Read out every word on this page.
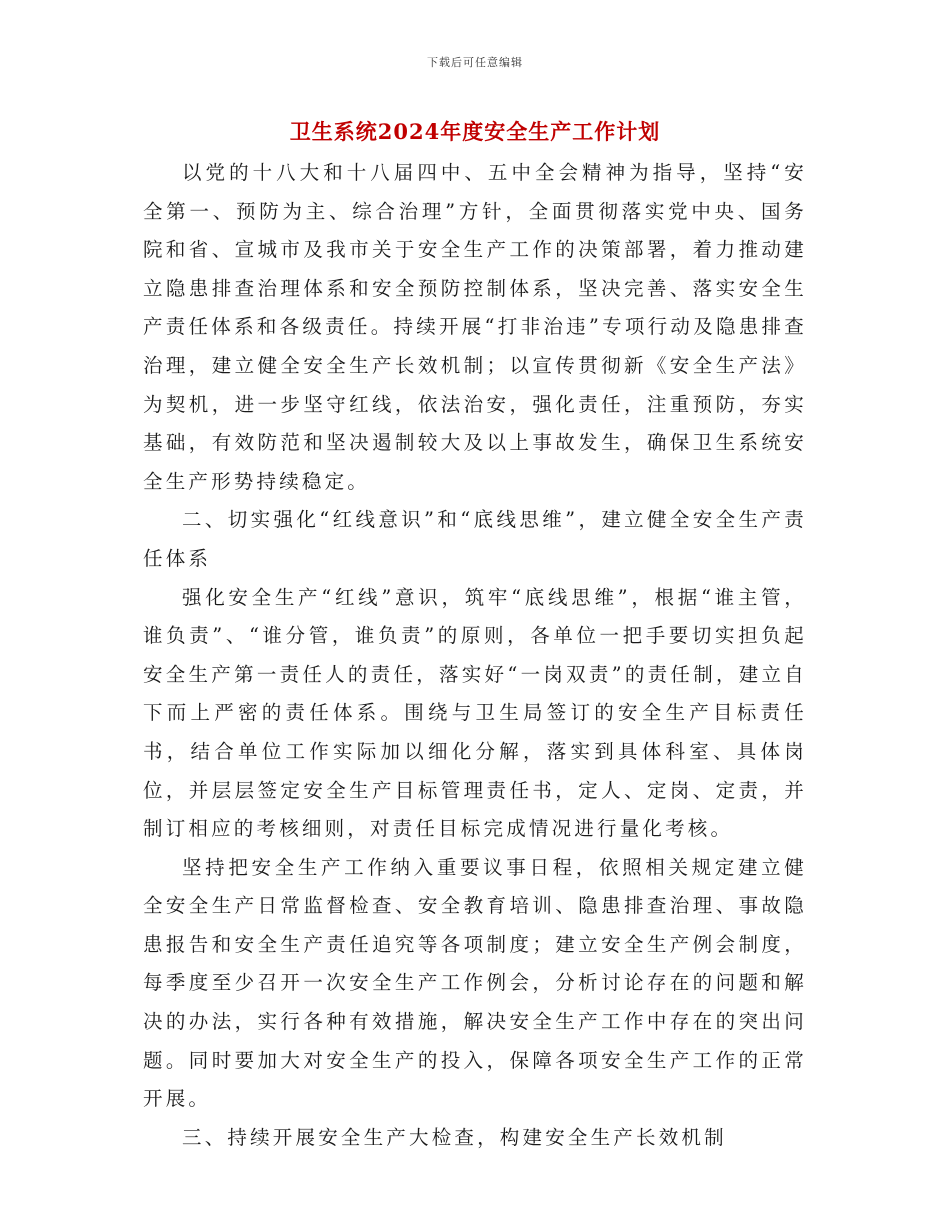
下载后可任意编辑
卫生系统2024年度安全生产工作计划

以党的十八大和十八届四中、五中全会精神为指导，坚持“安全第一、预防为主、综合治理”方针，全面贯彻落实党中央、国务院和省、宣城市及我市关于安全生产工作的决策部署，着力推动建立隐患排查治理体系和安全预防控制体系，坚决完善、落实安全生产责任体系和各级责任。持续开展“打非治违”专项行动及隐患排查治理，建立健全安全生产长效机制；以宣传贯彻新《安全生产法》为契机，进一步坚守红线，依法治安，强化责任，注重预防，夯实基础，有效防范和坚决遏制较大及以上事故发生，确保卫生系统安全生产形势持续稳定。

二、切实强化“红线意识”和“底线思维”，建立健全安全生产责任体系

强化安全生产“红线”意识，筑牢“底线思维”，根据“谁主管，谁负责”、“谁分管，谁负责”的原则，各单位一把手要切实担负起安全生产第一责任人的责任，落实好“一岗双责”的责任制，建立自下而上严密的责任体系。围绕与卫生局签订的安全生产目标责任书，结合单位工作实际加以细化分解，落实到具体科室、具体岗位，并层层签定安全生产目标管理责任书，定人、定岗、定责，并制订相应的考核细则，对责任目标完成情况进行量化考核。

坚持把安全生产工作纳入重要议事日程，依照相关规定建立健全安全生产日常监督检查、安全教育培训、隐患排查治理、事故隐患报告和安全生产责任追究等各项制度；建立安全生产例会制度，每季度至少召开一次安全生产工作例会，分析讨论存在的问题和解决的办法，实行各种有效措施，解决安全生产工作中存在的突出问题。同时要加大对安全生产的投入，保障各项安全生产工作的正常开展。

三、持续开展安全生产大检查，构建安全生产长效机制
